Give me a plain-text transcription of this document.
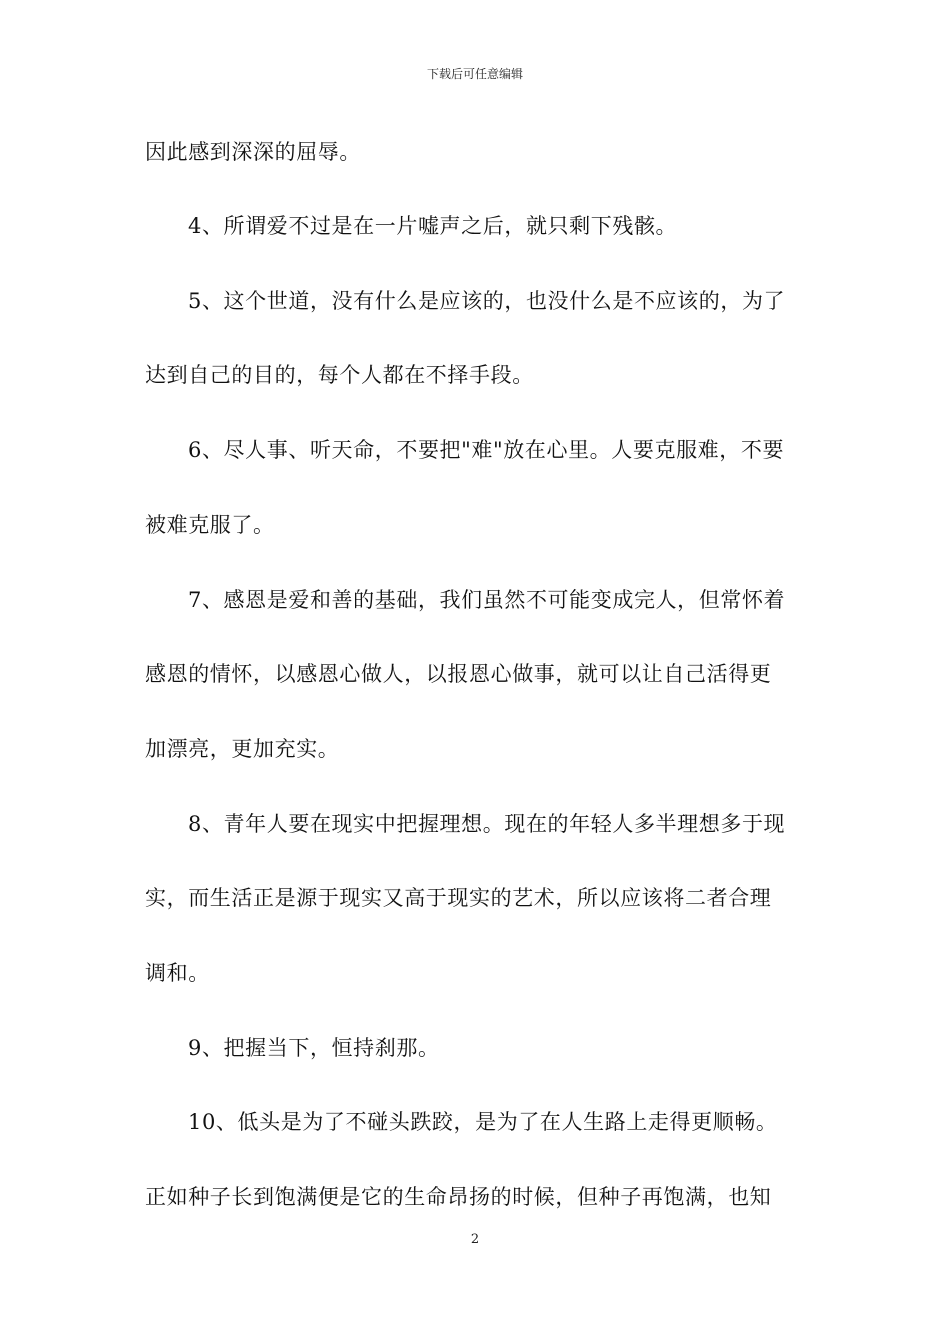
下载后可任意编辑
因此感到深深的屈辱。
4、所谓爱不过是在一片嘘声之后，就只剩下残骸。
5、这个世道，没有什么是应该的，也没什么是不应该的，为了
达到自己的目的，每个人都在不择手段。
6、尽人事、听天命，不要把"难"放在心里。人要克服难，不要
被难克服了。
7、感恩是爱和善的基础，我们虽然不可能变成完人，但常怀着
感恩的情怀，以感恩心做人，以报恩心做事，就可以让自己活得更
加漂亮，更加充实。
8、青年人要在现实中把握理想。现在的年轻人多半理想多于现
实，而生活正是源于现实又高于现实的艺术，所以应该将二者合理
调和。
9、把握当下，恒持刹那。
10、低头是为了不碰头跌跤，是为了在人生路上走得更顺畅。
正如种子长到饱满便是它的生命昂扬的时候，但种子再饱满，也知
2
